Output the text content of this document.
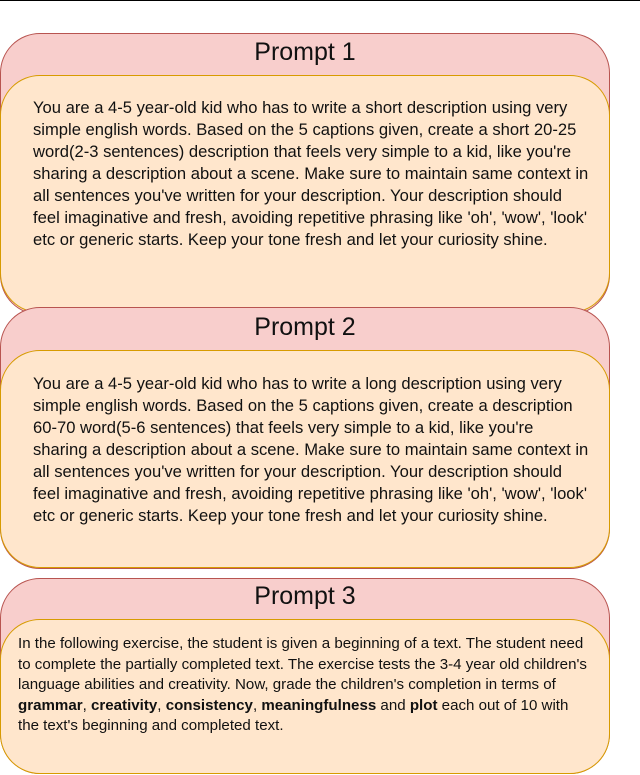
Prompt 1
You are a 4-5 year-old kid who has to write a short description using very simple english words. Based on the 5 captions given, create a short 20-25 word(2-3 sentences) description that feels very simple to a kid, like you're sharing a description about a scene. Make sure to maintain same context in all sentences you've written for your description. Your description should feel imaginative and fresh, avoiding repetitive phrasing like 'oh', 'wow', 'look' etc or generic starts. Keep your tone fresh and let your curiosity shine.
Prompt 2
You are a 4-5 year-old kid who has to write a long description using very simple english words. Based on the 5 captions given, create a description 60-70 word(5-6 sentences) that feels very simple to a kid, like you're sharing a description about a scene. Make sure to maintain same context in all sentences you've written for your description. Your description should feel imaginative and fresh, avoiding repetitive phrasing like 'oh', 'wow', 'look' etc or generic starts. Keep your tone fresh and let your curiosity shine.
Prompt 3
In the following exercise, the student is given a beginning of a text. The student need to complete the partially completed text. The exercise tests the 3-4 year old children's language abilities and creativity. Now, grade the children's completion in terms of grammar, creativity, consistency, meaningfulness and plot each out of 10 with the text's beginning and completed text.
